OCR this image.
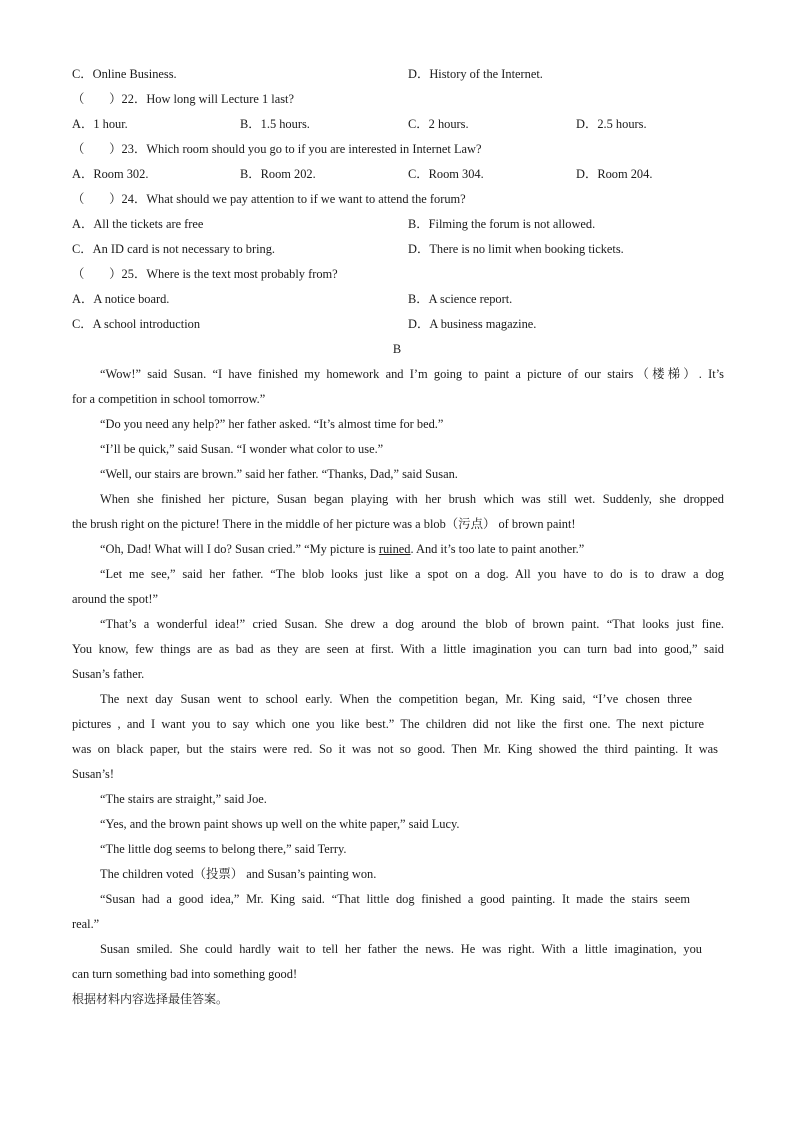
C．Online Business.	D．History of the Internet.
（　　）22．How long will Lecture 1 last?
A．1 hour.	B．1.5 hours.	C．2 hours.	D．2.5 hours.
（　　）23．Which room should you go to if you are interested in Internet Law?
A．Room 302.	B．Room 202.	C．Room 304.	D．Room 204.
（　　）24．What should we pay attention to if we want to attend the forum?
A．All the tickets are free	B．Filming the forum is not allowed.
C．An ID card is not necessary to bring.	D．There is no limit when booking tickets.
（　　）25．Where is the text most probably from?
A．A notice board.	B．A science report.
C．A school introduction	D．A business magazine.
B
“Wow!” said Susan. “I have finished my homework and I’m going to paint a picture of our stairs（楼梯）. It’s
for a competition in school tomorrow.”
“Do you need any help?” her father asked. “It’s almost time for bed.”
“I’ll be quick,” said Susan. “I wonder what color to use.”
“Well, our stairs are brown.” said her father. “Thanks, Dad,” said Susan.
When she finished her picture, Susan began playing with her brush which was still wet. Suddenly, she dropped
the brush right on the picture! There in the middle of her picture was a blob（污点） of brown paint!
“Oh, Dad! What will I do? Susan cried.” “My picture is ruined. And it’s too late to paint another.”
“Let me see,” said her father. “The blob looks just like a spot on a dog. All you have to do is to draw a dog
around the spot!”
“That’s a wonderful idea!” cried Susan. She drew a dog around the blob of brown paint. “That looks just fine.
You know, few things are as bad as they are seen at first. With a little imagination you can turn bad into good,” said
Susan’s father.
The next day Susan went to school early. When the competition began, Mr. King said, “I’ve chosen three
pictures , and I want you to say which one you like best.” The children did not like the first one. The next picture
was on black paper, but the stairs were red. So it was not so good. Then Mr. King showed the third painting. It was
Susan’s!
“The stairs are straight,” said Joe.
“Yes, and the brown paint shows up well on the white paper,” said Lucy.
“The little dog seems to belong there,” said Terry.
The children voted（投票） and Susan’s painting won.
“Susan had a good idea,” Mr. King said. “That little dog finished a good painting. It made the stairs seem
real.”
Susan smiled. She could hardly wait to tell her father the news. He was right. With a little imagination, you
can turn something bad into something good!
根据材料内容选择最佳答案。
